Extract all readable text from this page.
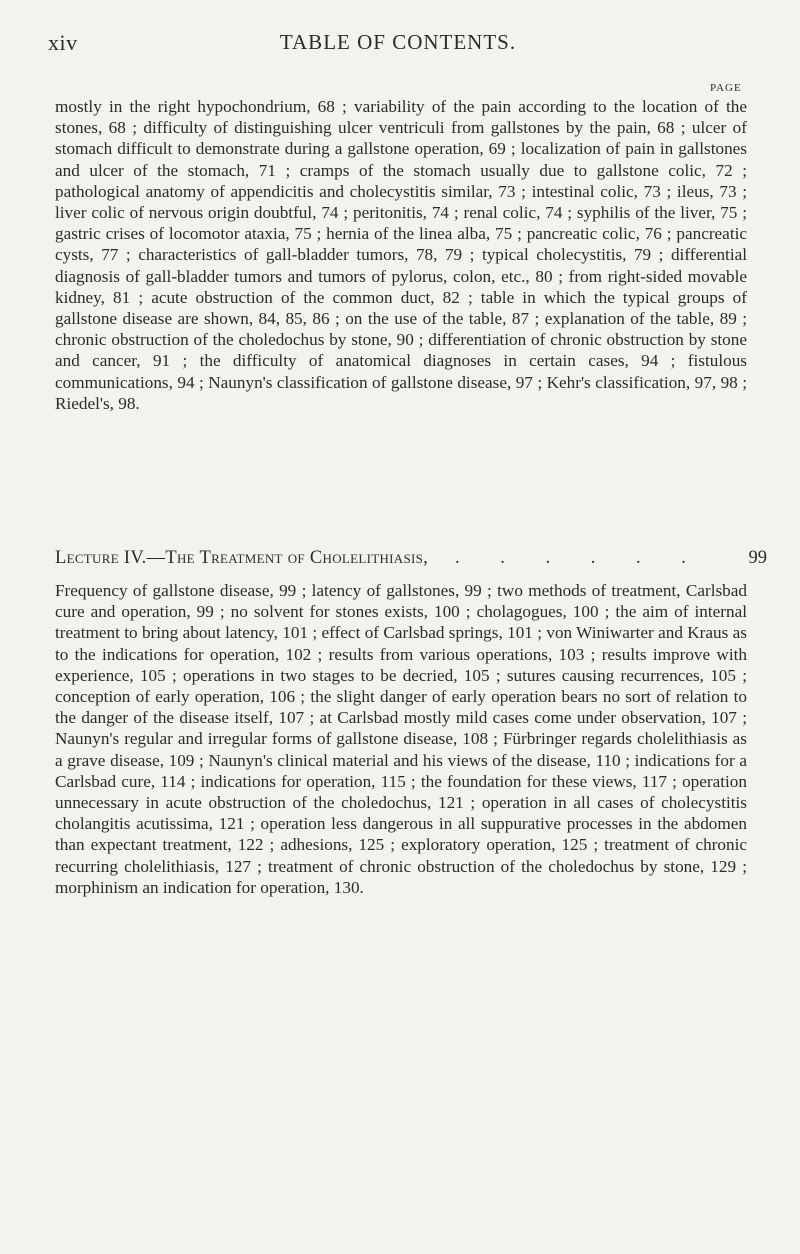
xiv	TABLE OF CONTENTS.
PAGE

mostly in the right hypochondrium, 68 ; variability of the pain according to the location of the stones, 68 ; difficulty of distinguishing ulcer ventriculi from gallstones by the pain, 68 ; ulcer of stomach difficult to demonstrate during a gallstone operation, 69 ; localization of pain in gallstones and ulcer of the stomach, 71 ; cramps of the stomach usually due to gallstone colic, 72 ; pathological anatomy of appendicitis and cholecystitis similar, 73 ; intestinal colic, 73 ; ileus, 73 ; liver colic of nervous origin doubtful, 74 ; peritonitis, 74 ; renal colic, 74 ; syphilis of the liver, 75 ; gastric crises of locomotor ataxia, 75 ; hernia of the linea alba, 75 ; pancreatic colic, 76 ; pancreatic cysts, 77 ; characteristics of gall-bladder tumors, 78, 79 ; typical cholecystitis, 79 ; differential diagnosis of gall-bladder tumors and tumors of pylorus, colon, etc., 80 ; from right-sided movable kidney, 81 ; acute obstruction of the common duct, 82 ; table in which the typical groups of gallstone disease are shown, 84, 85, 86 ; on the use of the table, 87 ; explanation of the table, 89 ; chronic obstruction of the choledochus by stone, 90 ; differentiation of chronic obstruction by stone and cancer, 91 ; the difficulty of anatomical diagnoses in certain cases, 94 ; fistulous communications, 94 ; Naunyn's classification of gallstone disease, 97 ; Kehr's classification, 97, 98 ; Riedel's, 98.

Lecture IV.—The Treatment of Cholelithiasis, . . . . . .	99

Frequency of gallstone disease, 99 ; latency of gallstones, 99 ; two methods of treatment, Carlsbad cure and operation, 99 ; no solvent for stones exists, 100 ; cholagogues, 100 ; the aim of internal treatment to bring about latency, 101 ; effect of Carlsbad springs, 101 ; von Winiwarter and Kraus as to the indications for operation, 102 ; results from various operations, 103 ; results improve with experience, 105 ; operations in two stages to be decried, 105 ; sutures causing recurrences, 105 ; conception of early operation, 106 ; the slight danger of early operation bears no sort of relation to the danger of the disease itself, 107 ; at Carlsbad mostly mild cases come under observation, 107 ; Naunyn's regular and irregular forms of gallstone disease, 108 ; Fürbringer regards cholelithiasis as a grave disease, 109 ; Naunyn's clinical material and his views of the disease, 110 ; indications for a Carlsbad cure, 114 ; indications for operation, 115 ; the foundation for these views, 117 ; operation unnecessary in acute obstruction of the choledochus, 121 ; operation in all cases of cholecystitis cholangitis acutissima, 121 ; operation less dangerous in all suppurative processes in the abdomen than expectant treatment, 122 ; adhesions, 125 ; exploratory operation, 125 ; treatment of chronic recurring cholelithiasis, 127 ; treatment of chronic obstruction of the choledochus by stone, 129 ; morphinism an indication for operation, 130.
